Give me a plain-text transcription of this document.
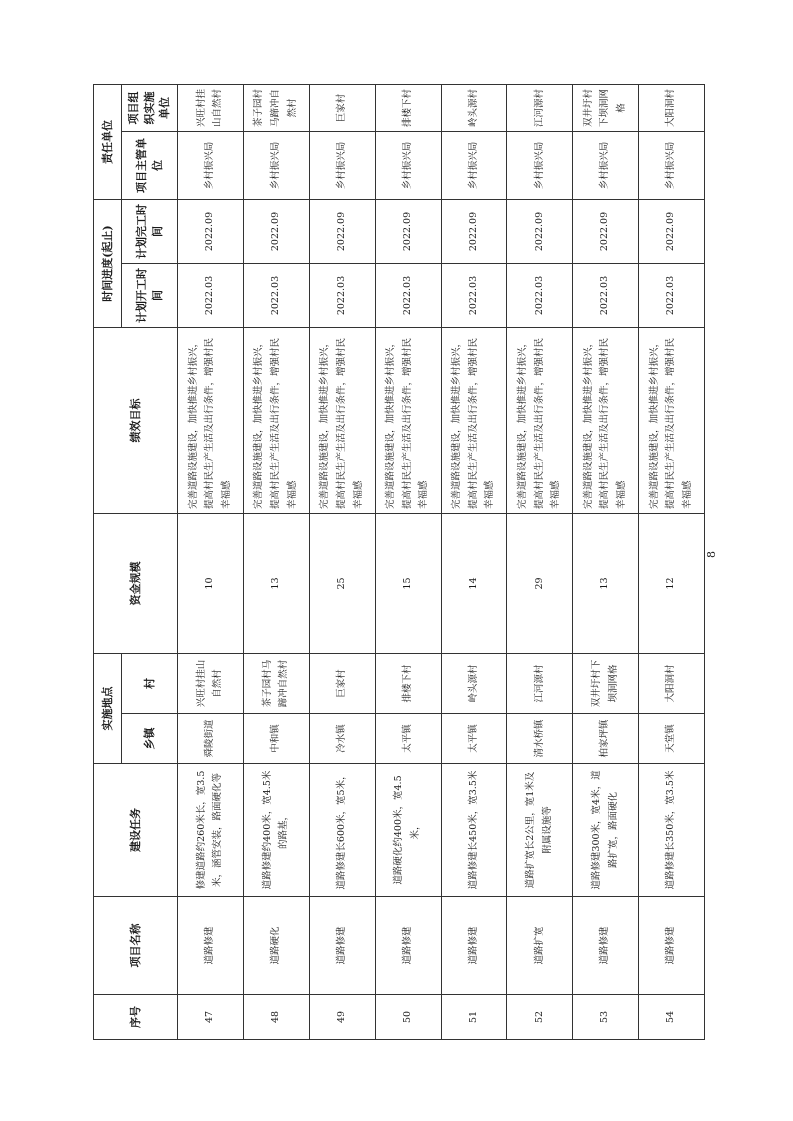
序号	项目名称	建设任务	实施地点		资金规模	绩效目标	时间进度(起止)		责任单位	
			乡镇	村			计划开工时间	计划完工时间	项目主管单位	项目组织实施单位
47	道路修建	修建道路约260米长，宽3.5米，涵管安装，路面硬化等	舜陵街道	兴旺村挂山自然村	10	完善道路设施建设，加快推进乡村振兴，提高村民生产生活及出行条件，增强村民幸福感	2022.03	2022.09	乡村振兴局	兴旺村挂山自然村
48	道路硬化	道路修建约400米，宽4.5米的路基，	中和镇	茶子园村马蹄冲自然村	13	完善道路设施建设，加快推进乡村振兴，提高村民生产生活及出行条件，增强村民幸福感	2022.03	2022.09	乡村振兴局	茶子园村马蹄冲自然村
49	道路修建	道路修建长600米，宽5米，	冷水镇	巨家村	25	完善道路设施建设，加快推进乡村振兴，提高村民生产生活及出行条件，增强村民幸福感	2022.03	2022.09	乡村振兴局	巨家村
50	道路修建	道路硬化约400米，宽4.5米，	太平镇	排楼下村	15	完善道路设施建设，加快推进乡村振兴，提高村民生产生活及出行条件，增强村民幸福感	2022.03	2022.09	乡村振兴局	排楼下村
51	道路修建	道路修建长450米，宽3.5米	太平镇	岭头源村	14	完善道路设施建设，加快推进乡村振兴，提高村民生产生活及出行条件，增强村民幸福感	2022.03	2022.09	乡村振兴局	岭头源村
52	道路扩宽	道路扩宽长2公里，宽1米及附属设施等	清水桥镇	江河源村	29	完善道路设施建设，加快推进乡村振兴，提高村民生产生活及出行条件，增强村民幸福感	2022.03	2022.09	乡村振兴局	江河源村
53	道路修建	道路修建300米，宽4米，道路扩宽，路面硬化	柏家坪镇	双井圩村下坝洞网格	13	完善道路设施建设，加快推进乡村振兴，提高村民生产生活及出行条件，增强村民幸福感	2022.03	2022.09	乡村振兴局	双井圩村下坝洞网格
54	道路修建	道路修建长350米，宽3.5米	天堂镇	大阳洞村	12	完善道路设施建设，加快推进乡村振兴，提高村民生产生活及出行条件，增强村民幸福感	2022.03	2022.09	乡村振兴局	大阳洞村
8
